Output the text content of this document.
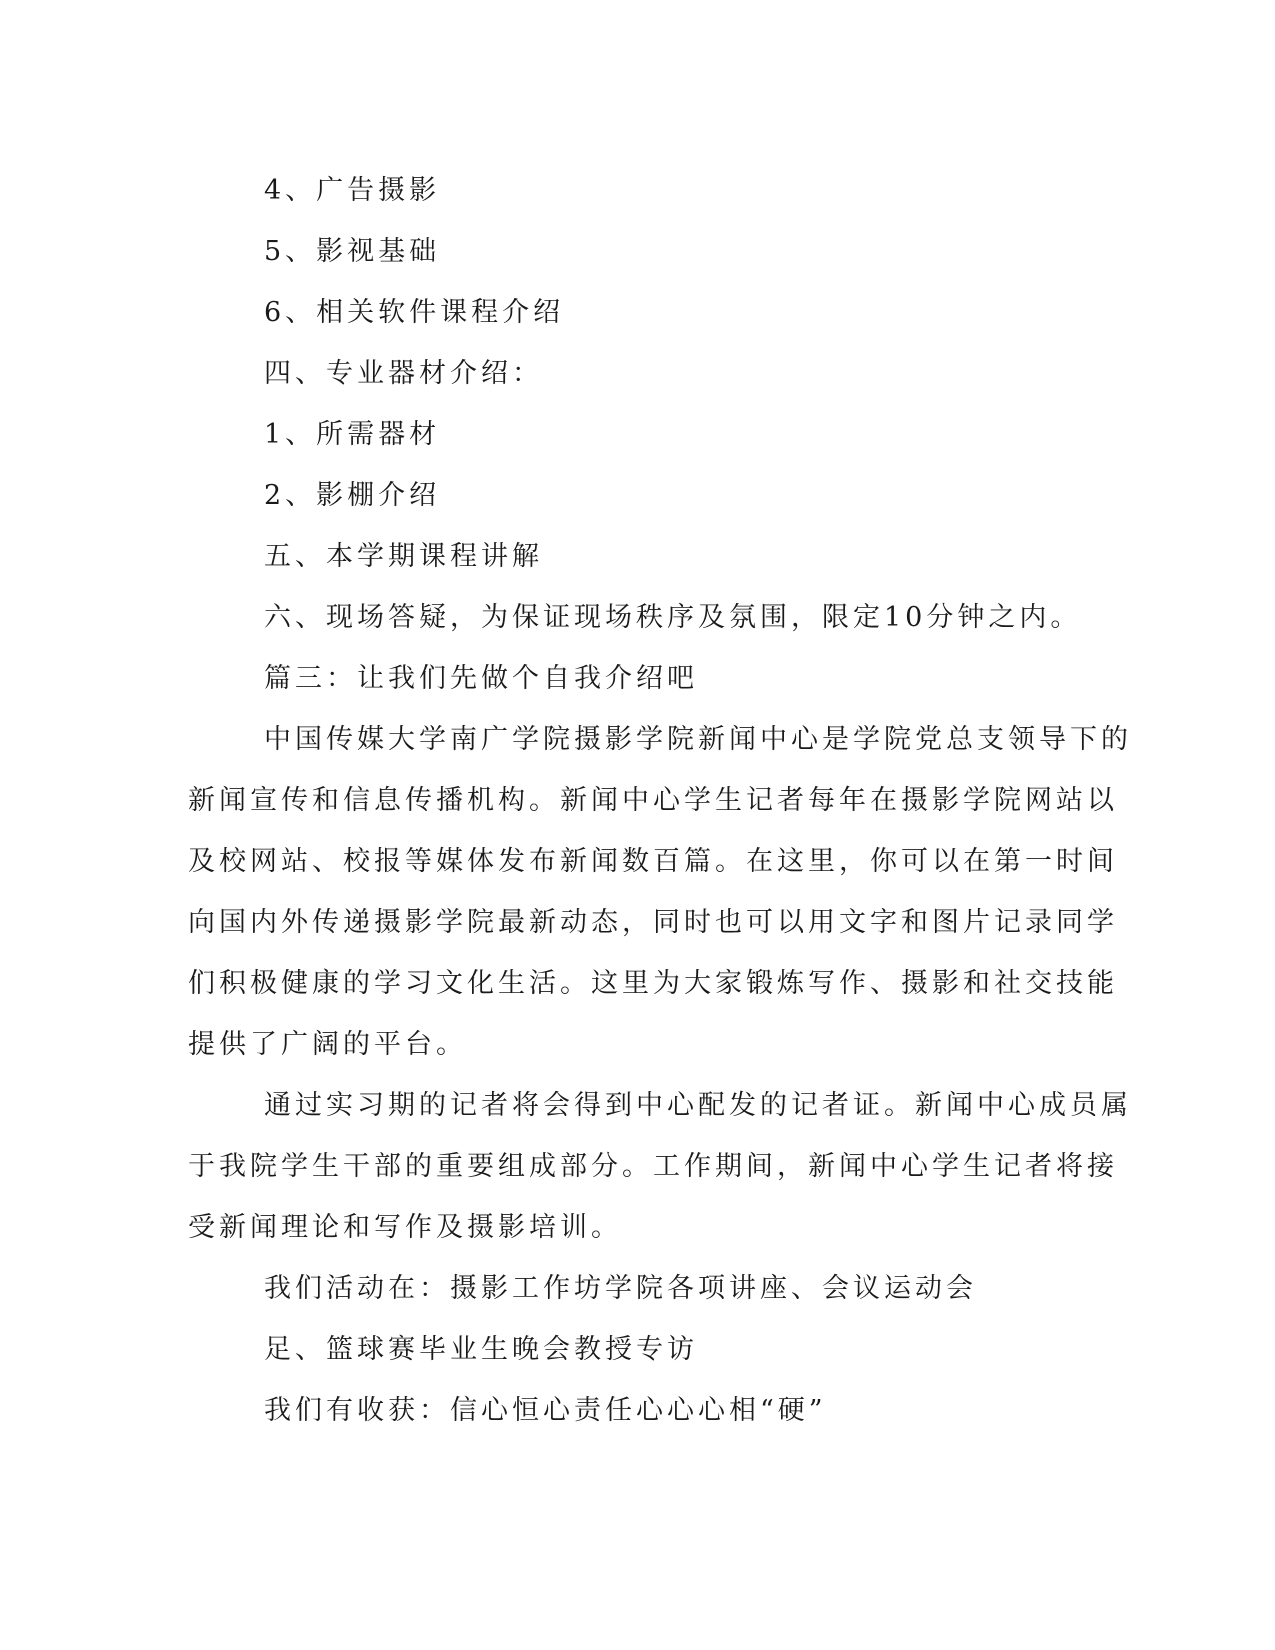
4、广告摄影
5、影视基础
6、相关软件课程介绍
四、专业器材介绍：
1、所需器材
2、影棚介绍
五、本学期课程讲解
六、现场答疑，为保证现场秩序及氛围，限定10分钟之内。
篇三：让我们先做个自我介绍吧
中国传媒大学南广学院摄影学院新闻中心是学院党总支领导下的
新闻宣传和信息传播机构。新闻中心学生记者每年在摄影学院网站以
及校网站、校报等媒体发布新闻数百篇。在这里，你可以在第一时间
向国内外传递摄影学院最新动态，同时也可以用文字和图片记录同学
们积极健康的学习文化生活。这里为大家锻炼写作、摄影和社交技能
提供了广阔的平台。
通过实习期的记者将会得到中心配发的记者证。新闻中心成员属
于我院学生干部的重要组成部分。工作期间，新闻中心学生记者将接
受新闻理论和写作及摄影培训。
我们活动在：摄影工作坊学院各项讲座、会议运动会
足、篮球赛毕业生晚会教授专访
我们有收获：信心恒心责任心心心相“硬”
